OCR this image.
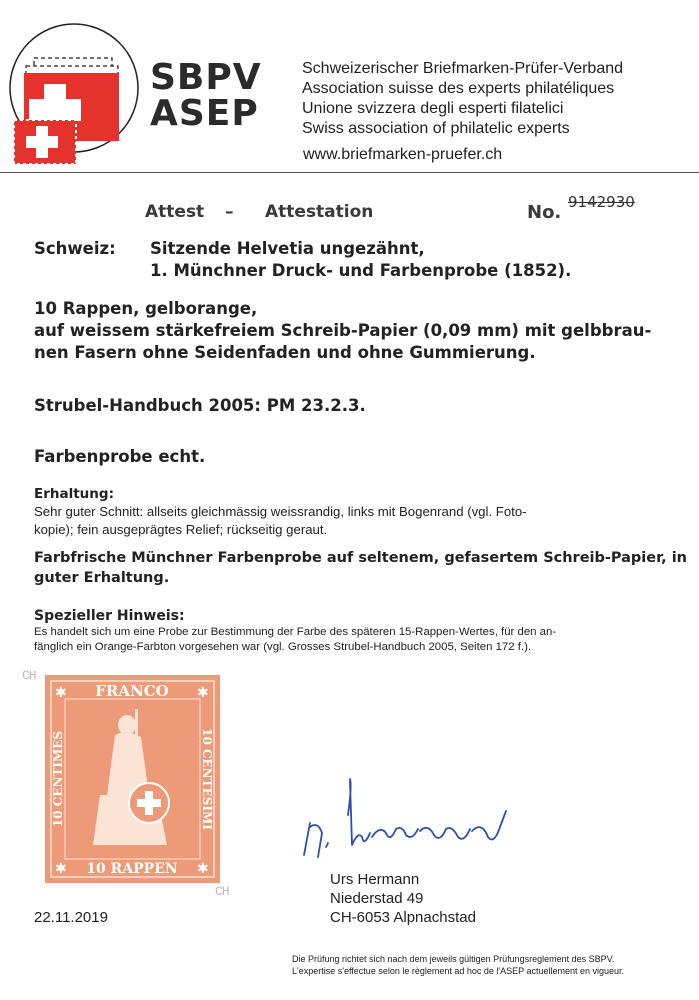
SBPV
ASEP
Schweizerischer Briefmarken-Prüfer-Verband
Association suisse des experts philatéliques
Unione svizzera degli esperti filatelici
Swiss association of philatelic experts
www.briefmarken-pruefer.ch
Attest – Attestation	No. 9142930
Schweiz: Sitzende Helvetia ungezähnt,
1. Münchner Druck- und Farbenprobe (1852).
10 Rappen, gelborange,
auf weissem stärkefreiem Schreib-Papier (0,09 mm) mit gelbbrau-
nen Fasern ohne Seidenfaden und ohne Gummierung.
Strubel-Handbuch 2005: PM 23.2.3.
Farbenprobe echt.
Erhaltung:
Sehr guter Schnitt: allseits gleichmässig weissrandig, links mit Bogenrand (vgl. Foto-
kopie); fein ausgeprägtes Relief; rückseitig geraut.
Farbfrische Münchner Farbenprobe auf seltenem, gefasertem Schreib-Papier, in
guter Erhaltung.
Spezieller Hinweis:
Es handelt sich um eine Probe zur Bestimmung der Farbe des späteren 15-Rappen-Wertes, für den an-
fänglich ein Orange-Farbton vorgesehen war (vgl. Grosses Strubel-Handbuch 2005, Seiten 172 f.).
CH
✱	✱
✱	✱
FRANCO
10 RAPPEN
10 CENTIMES	10 CENTESIMI
CH
Urs Hermann
Niederstad 49
CH-6053 Alpnachstad
22.11.2019
Die Prüfung richtet sich nach dem jeweils gültigen Prüfungsreglement des SBPV.
L'expertise s'effectue selon le règlement ad hoc de l'ASEP actuellement en vigueur.
